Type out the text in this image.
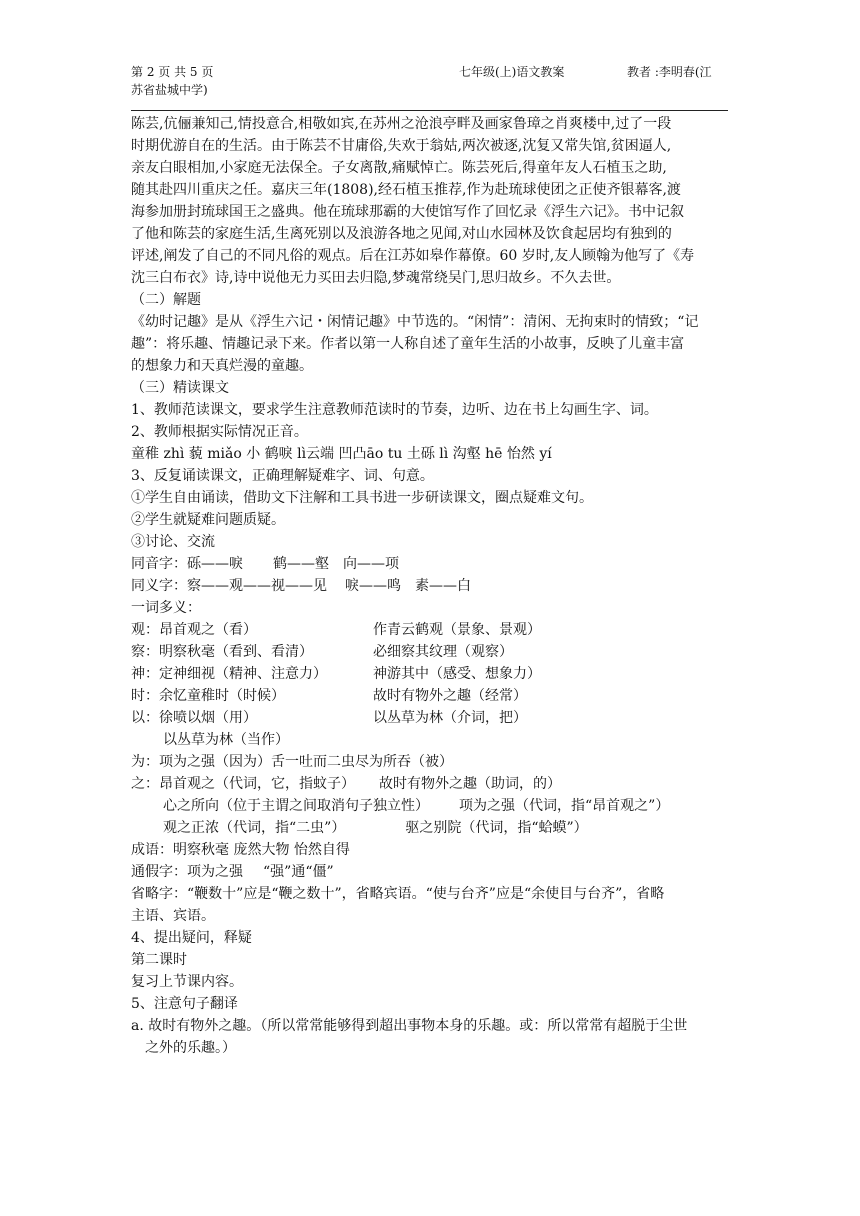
第 2 页 共 5 页	七年级(上)语文教案	教者 :李明春(江
苏省盐城中学)
陈芸,伉俪兼知己,情投意合,相敬如宾,在苏州之沧浪亭畔及画家鲁璋之肖爽楼中,过了一段
时期优游自在的生活。由于陈芸不甘庸俗,失欢于翁姑,两次被逐,沈复又常失馆,贫困逼人,
亲友白眼相加,小家庭无法保全。子女离散,痛赋悼亡。陈芸死后,得童年友人石植玉之助,
随其赴四川重庆之任。嘉庆三年(1808),经石植玉推荐,作为赴琉球使团之正使齐银幕客,渡
海参加册封琉球国王之盛典。他在琉球那霸的大使馆写作了回忆录《浮生六记》。书中记叙
了他和陈芸的家庭生活,生离死别以及浪游各地之见闻,对山水园林及饮食起居均有独到的
评述,阐发了自己的不同凡俗的观点。后在江苏如皋作幕僚。60 岁时,友人顾翰为他写了《寿
沈三白布衣》诗,诗中说他无力买田去归隐,梦魂常绕吴门,思归故乡。不久去世。
（二）解题
《幼时记趣》是从《浮生六记・闲情记趣》中节选的。“闲情”：清闲、无拘束时的情致；“记
趣”：将乐趣、情趣记录下来。作者以第一人称自述了童年生活的小故事，反映了儿童丰富
的想象力和天真烂漫的童趣。
（三）精读课文
1、教师范读课文，要求学生注意教师范读时的节奏，边听、边在书上勾画生字、词。
2、教师根据实际情况正音。
童稚 zhì 藐 miǎo 小 鹤唳 lì云端 凹凸āo tu 土砾 lì 沟壑 hē 怡然 yí
3、反复诵读课文，正确理解疑难字、词、句意。
①学生自由诵读，借助文下注解和工具书进一步研读课文，圈点疑难文句。
②学生就疑难问题质疑。
③讨论、交流
同音字：砾——唳 鹤——壑 向——项
同义字：察——观——视——见 唳——鸣 素——白
一词多义：
观：昂首观之（看）	作青云鹤观（景象、景观）
察：明察秋毫（看到、看清）	必细察其纹理（观察）
神：定神细视（精神、注意力）	神游其中（感受、想象力）
时：余忆童稚时（时候）	故时有物外之趣（经常）
以：徐喷以烟（用）	以丛草为林（介词，把）
以丛草为林（当作）
为：项为之强（因为）舌一吐而二虫尽为所吞（被）
之：昂首观之（代词，它，指蚊子） 故时有物外之趣（助词，的）
心之所向（位于主谓之间取消句子独立性） 项为之强（代词，指“昂首观之”）
观之正浓（代词，指“二虫”）	驱之别院（代词，指“蛤蟆”）
成语：明察秋毫 庞然大物 怡然自得
通假字：项为之强 “强”通“僵”
省略字：“鞭数十”应是“鞭之数十”，省略宾语。“使与台齐”应是“余使目与台齐”，省略
主语、宾语。
4、提出疑问，释疑
第二课时
复习上节课内容。
5、注意句子翻译
a. 故时有物外之趣。（所以常常能够得到超出事物本身的乐趣。或：所以常常有超脱于尘世
之外的乐趣。）
